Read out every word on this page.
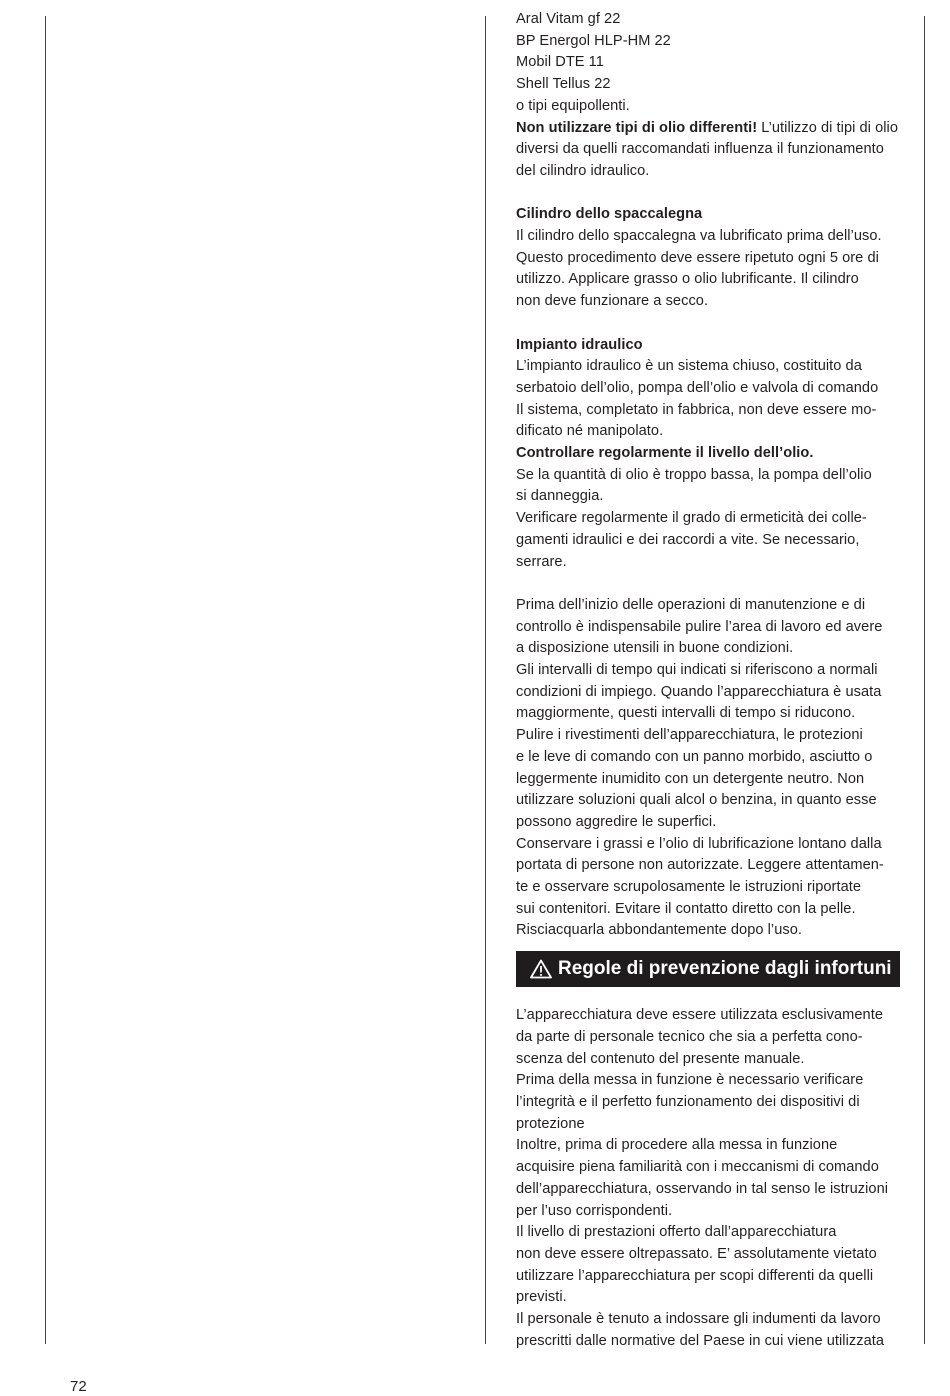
Aral Vitam gf 22
BP Energol HLP-HM 22
Mobil DTE 11
Shell Tellus 22
o tipi equipollenti.
Non utilizzare tipi di olio differenti! L’utilizzo di tipi di olio
diversi da quelli raccomandati influenza il funzionamento
del cilindro idraulico.
Cilindro dello spaccalegna
Il cilindro dello spaccalegna va lubrificato prima dell’uso.
Questo procedimento deve essere ripetuto ogni 5 ore di
utilizzo. Applicare grasso o olio lubrificante. Il cilindro
non deve funzionare a secco.
Impianto idraulico
L’impianto idraulico è un sistema chiuso, costituito da
serbatoio dell’olio, pompa dell’olio e valvola di comando
Il sistema, completato in fabbrica, non deve essere mo-
dificato né manipolato.
Controllare regolarmente il livello dell’olio.
Se la quantità di olio è troppo bassa, la pompa dell’olio
si danneggia.
Verificare regolarmente il grado di ermeticità dei colle-
gamenti idraulici e dei raccordi a vite. Se necessario,
serrare.
Prima dell’inizio delle operazioni di manutenzione e di
controllo è indispensabile pulire l’area di lavoro ed avere
a disposizione utensili in buone condizioni.
Gli intervalli di tempo qui indicati si riferiscono a normali
condizioni di impiego. Quando l’apparecchiatura è usata
maggiormente, questi intervalli di tempo si riducono.
Pulire i rivestimenti dell’apparecchiatura, le protezioni
e le leve di comando con un panno morbido, asciutto o
leggermente inumidito con un detergente neutro. Non
utilizzare soluzioni quali alcol o benzina, in quanto esse
possono aggredire le superfici.
Conservare i grassi e l’olio di lubrificazione lontano dalla
portata di persone non autorizzate. Leggere attentamen-
te e osservare scrupolosamente le istruzioni riportate
sui contenitori. Evitare il contatto diretto con la pelle.
Risciacquarla abbondantemente dopo l’uso.
Regole di prevenzione dagli infortuni
L’apparecchiatura deve essere utilizzata esclusivamente
da parte di personale tecnico che sia a perfetta cono-
scenza del contenuto del presente manuale.
Prima della messa in funzione è necessario verificare
l’integrità e il perfetto funzionamento dei dispositivi di
protezione
Inoltre, prima di procedere alla messa in funzione
acquisire piena familiarità con i meccanismi di comando
dell’apparecchiatura, osservando in tal senso le istruzioni
per l’uso corrispondenti.
Il livello di prestazioni offerto dall’apparecchiatura
non deve essere oltrepassato. E’ assolutamente vietato
utilizzare l’apparecchiatura per scopi differenti da quelli
previsti.
Il personale è tenuto a indossare gli indumenti da lavoro
prescritti dalle normative del Paese in cui viene utilizzata
72
